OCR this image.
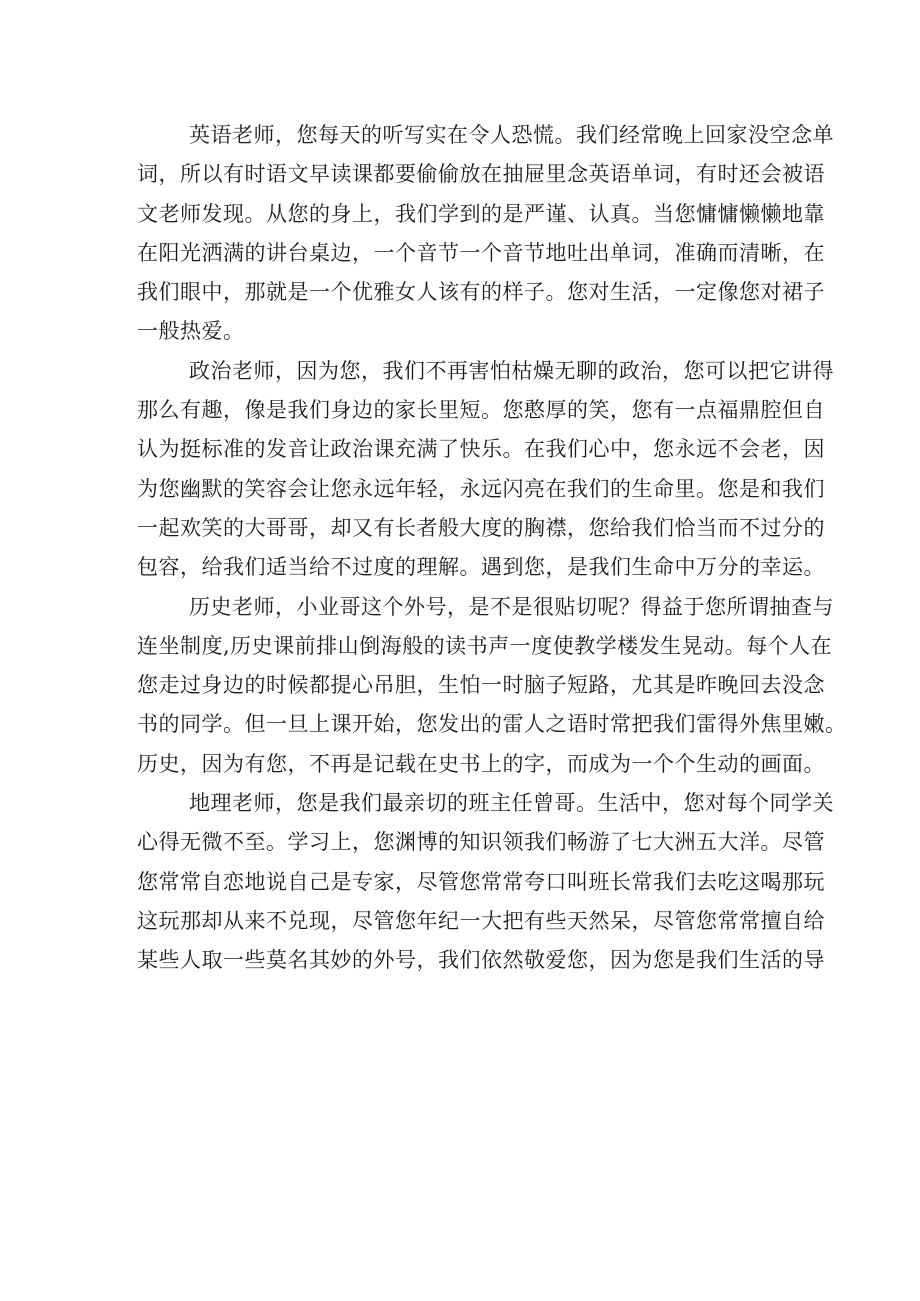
英语老师，您每天的听写实在令人恐慌。我们经常晚上回家没空念单
词，所以有时语文早读课都要偷偷放在抽屉里念英语单词，有时还会被语
文老师发现。从您的身上，我们学到的是严谨、认真。当您慵慵懒懒地靠
在阳光洒满的讲台桌边，一个音节一个音节地吐出单词，准确而清晰，在
我们眼中，那就是一个优雅女人该有的样子。您对生活，一定像您对裙子
一般热爱。
政治老师，因为您，我们不再害怕枯燥无聊的政治，您可以把它讲得
那么有趣，像是我们身边的家长里短。您憨厚的笑，您有一点福鼎腔但自
认为挺标准的发音让政治课充满了快乐。在我们心中，您永远不会老，因
为您幽默的笑容会让您永远年轻，永远闪亮在我们的生命里。您是和我们
一起欢笑的大哥哥，却又有长者般大度的胸襟，您给我们恰当而不过分的
包容，给我们适当给不过度的理解。遇到您，是我们生命中万分的幸运。
历史老师，小业哥这个外号，是不是很贴切呢？得益于您所谓抽查与
连坐制度,历史课前排山倒海般的读书声一度使教学楼发生晃动。每个人在
您走过身边的时候都提心吊胆，生怕一时脑子短路，尤其是昨晚回去没念
书的同学。但一旦上课开始，您发出的雷人之语时常把我们雷得外焦里嫩。
历史，因为有您，不再是记载在史书上的字，而成为一个个生动的画面。
地理老师，您是我们最亲切的班主任曾哥。生活中，您对每个同学关
心得无微不至。学习上，您渊博的知识领我们畅游了七大洲五大洋。尽管
您常常自恋地说自己是专家，尽管您常常夸口叫班长常我们去吃这喝那玩
这玩那却从来不兑现，尽管您年纪一大把有些天然呆，尽管您常常擅自给
某些人取一些莫名其妙的外号，我们依然敬爱您，因为您是我们生活的导
